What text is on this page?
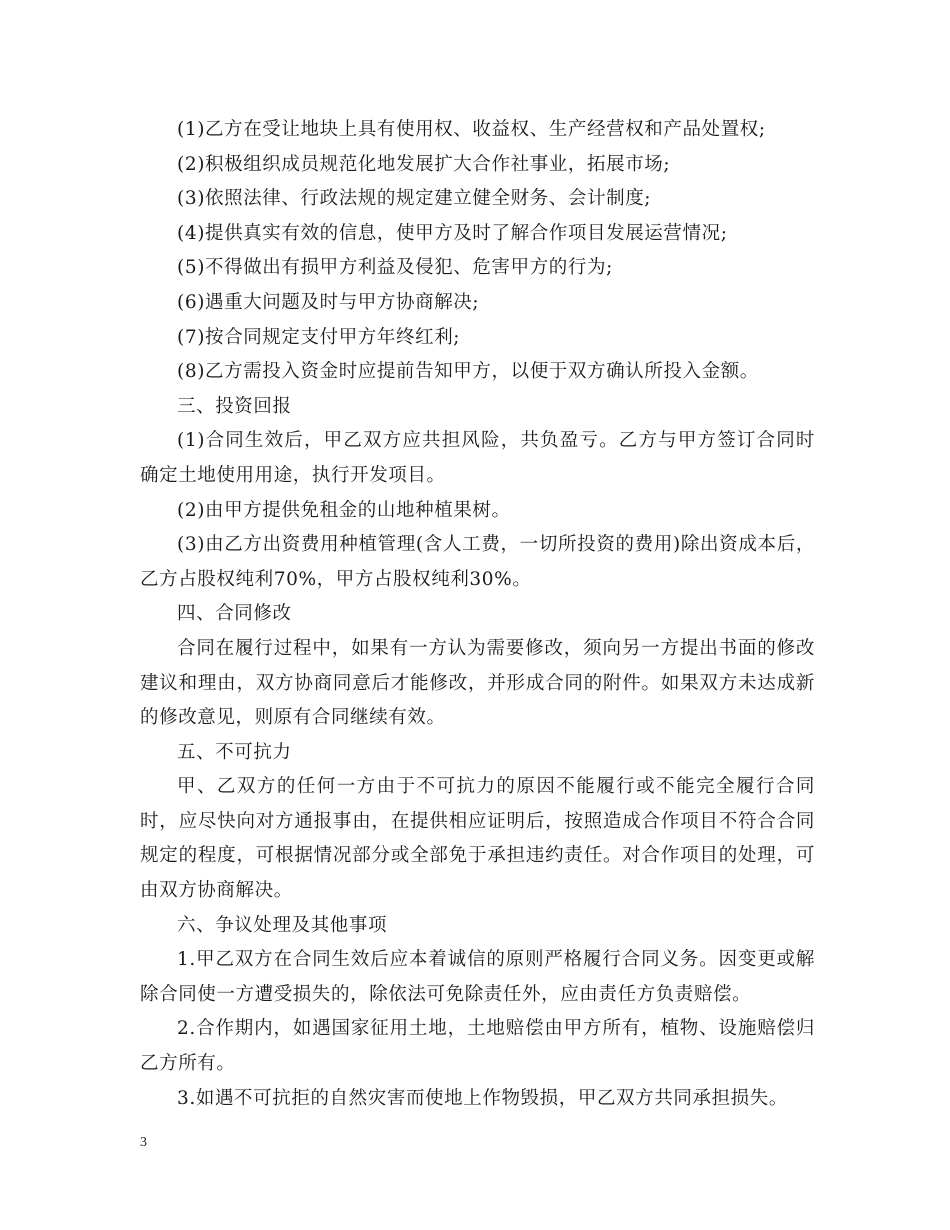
(1)乙方在受让地块上具有使用权、收益权、生产经营权和产品处置权;

(2)积极组织成员规范化地发展扩大合作社事业，拓展市场;

(3)依照法律、行政法规的规定建立健全财务、会计制度;

(4)提供真实有效的信息，使甲方及时了解合作项目发展运营情况;

(5)不得做出有损甲方利益及侵犯、危害甲方的行为;

(6)遇重大问题及时与甲方协商解决;

(7)按合同规定支付甲方年终红利;

(8)乙方需投入资金时应提前告知甲方，以便于双方确认所投入金额。

三、投资回报

(1)合同生效后，甲乙双方应共担风险，共负盈亏。乙方与甲方签订合同时确定土地使用用途，执行开发项目。

(2)由甲方提供免租金的山地种植果树。

(3)由乙方出资费用种植管理(含人工费，一切所投资的费用)除出资成本后，乙方占股权纯利70%，甲方占股权纯利30%。

四、合同修改

合同在履行过程中，如果有一方认为需要修改，须向另一方提出书面的修改建议和理由，双方协商同意后才能修改，并形成合同的附件。如果双方未达成新的修改意见，则原有合同继续有效。

五、不可抗力

甲、乙双方的任何一方由于不可抗力的原因不能履行或不能完全履行合同时，应尽快向对方通报事由，在提供相应证明后，按照造成合作项目不符合合同规定的程度，可根据情况部分或全部免于承担违约责任。对合作项目的处理，可由双方协商解决。

六、争议处理及其他事项

1.甲乙双方在合同生效后应本着诚信的原则严格履行合同义务。因变更或解除合同使一方遭受损失的，除依法可免除责任外，应由责任方负责赔偿。

2.合作期内，如遇国家征用土地，土地赔偿由甲方所有，植物、设施赔偿归乙方所有。

3.如遇不可抗拒的自然灾害而使地上作物毁损，甲乙双方共同承担损失。

3
